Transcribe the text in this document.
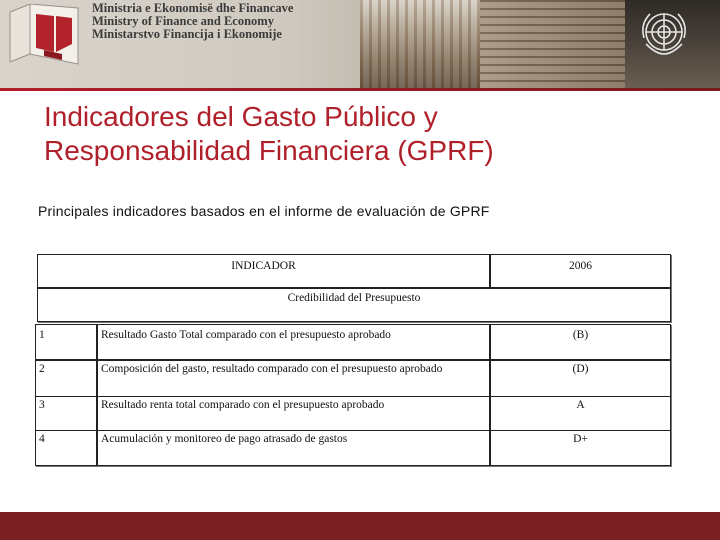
Ministria e Ekonomisë dhe Financave
Ministry of Finance and Economy
Ministarstvo Financija i Ekonomije
Indicadores del Gasto Público y
Responsabilidad Financiera (GPRF)
Principales indicadores basados en el informe de evaluación de GPRF
INDICADOR	2006
Credibilidad del Presupuesto
1	Resultado Gasto Total comparado con el presupuesto aprobado	(B)
2	Composición del gasto, resultado comparado con el presupuesto aprobado	(D)
3	Resultado renta total comparado con el presupuesto aprobado	A
4	Acumulación y monitoreo de pago atrasado de gastos	D+
